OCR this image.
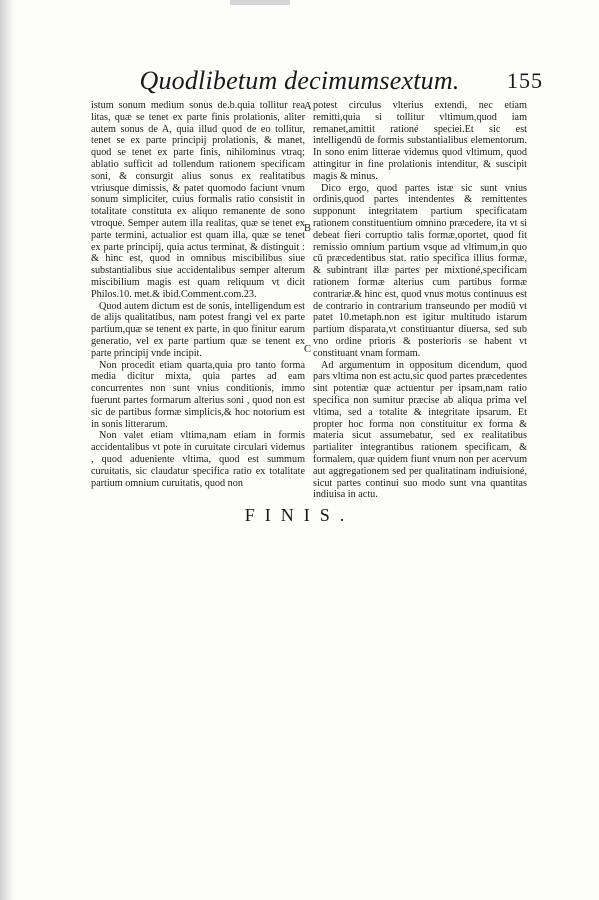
Quodlibetum decimumsextum.	155

istum sonum medium sonus de.b.quia tollitur rea litas, quæ se tenet ex parte finis prolationis, aliter autem sonus de A, quia illud quod de eo tollitur, tenet se ex parte principij prolationis, & manet, quod se tenet ex parte finis, nihilominus vtraq; ablatio sufficit ad tollendum rationem specificam soni, & consurgit alius sonus ex realitatibus vtriusque dimissis, & patet quomodo faciunt vnum sonum simpliciter, cuius formalis ratio consistit in totalitate constituta ex aliquo remanente de sono vtroque. Semper autem illa realitas, quæ se tenet ex parte termini, actualior est quam illa, quæ se tenet ex parte principij, quia actus terminat, & distinguit : & hinc est, quod in omnibus miscibilibus siue substantialibus siue accidentalibus semper alterum miscibilium magis est quam reliquum vt dicit Philos.10. met.& ibid.Comment.com.23.

Quod autem dictum est de sonis, intelligendum est de alijs qualitatibus, nam potest frangi vel ex parte partium,quæ se tenent ex parte, in quo finitur earum generatio, vel ex parte partium quæ se tenent ex parte principij vnde incipit.

Non procedit etiam quarta,quia pro tanto forma media dicitur mixta, quia partes ad eam concurrentes non sunt vnius conditionis, immo fuerunt partes formarum alterius soni , quod non est sic de partibus formæ simplicis,& hoc notorium est in sonis litterarum.

Non valet etiam vltima,nam etiam in formis accidentalibus vt pote in curuitate circulari videmus , quod adueniente vltima, quod est summum curuitatis, sic claudatur specifica ratio ex totalitate partium omnium curuitatis, quod non

A
B
C

potest circulus vlterius extendi, nec etiam remitti,quia si tollitur vltimum,quod iam remanet,amittit rationé speciei.Et sic est intelligendū de formis substantialibus elementorum. In sono enim litterae videmus quod vltimum, quod attingitur in fine prolationis intenditur, & suscipit magis & minus.

Dico ergo, quod partes istæ sic sunt vnius ordinis,quod partes intendentes & remittentes supponunt integritatem partium specificatam rationem constituentium omnino præcedere, ita vt si debeat fieri corruptio talis formæ,oportet, quod fit remissio omnium partium vsque ad vltimum,in quo cū præcedentibus stat. ratio specifica illius formæ, & subintrant illæ partes per mixtioné,specificam rationem formæ alterius cum partibus formæ contrariæ.& hinc est, quod vnus motus continuus est de contrario in contrarium transeundo per modiū vt patet 10.metaph.non est igitur multitudo istarum partium disparata,vt constituantur diuersa, sed sub vno ordine prioris & posterioris se habent vt constituant vnam formam.

Ad argumentum in oppositum dicendum, quod pars vltima non est actu,sic quod partes præcedentes sint potentiæ quæ actuentur per ipsam,nam ratio specifica non sumitur præcise ab aliqua prima vel vltima, sed a totalite & integritate ipsarum. Et propter hoc forma non constituitur ex forma & materia sicut assumebatur, sed ex realitatibus partialiter integrantibus rationem specificam, & formalem, quæ quidem fiunt vnum non per acervum aut aggregationem sed per qualitatinam indiuisioné, sicut partes continui suo modo sunt vna quantitas indiuisa in actu.

FINIS.
